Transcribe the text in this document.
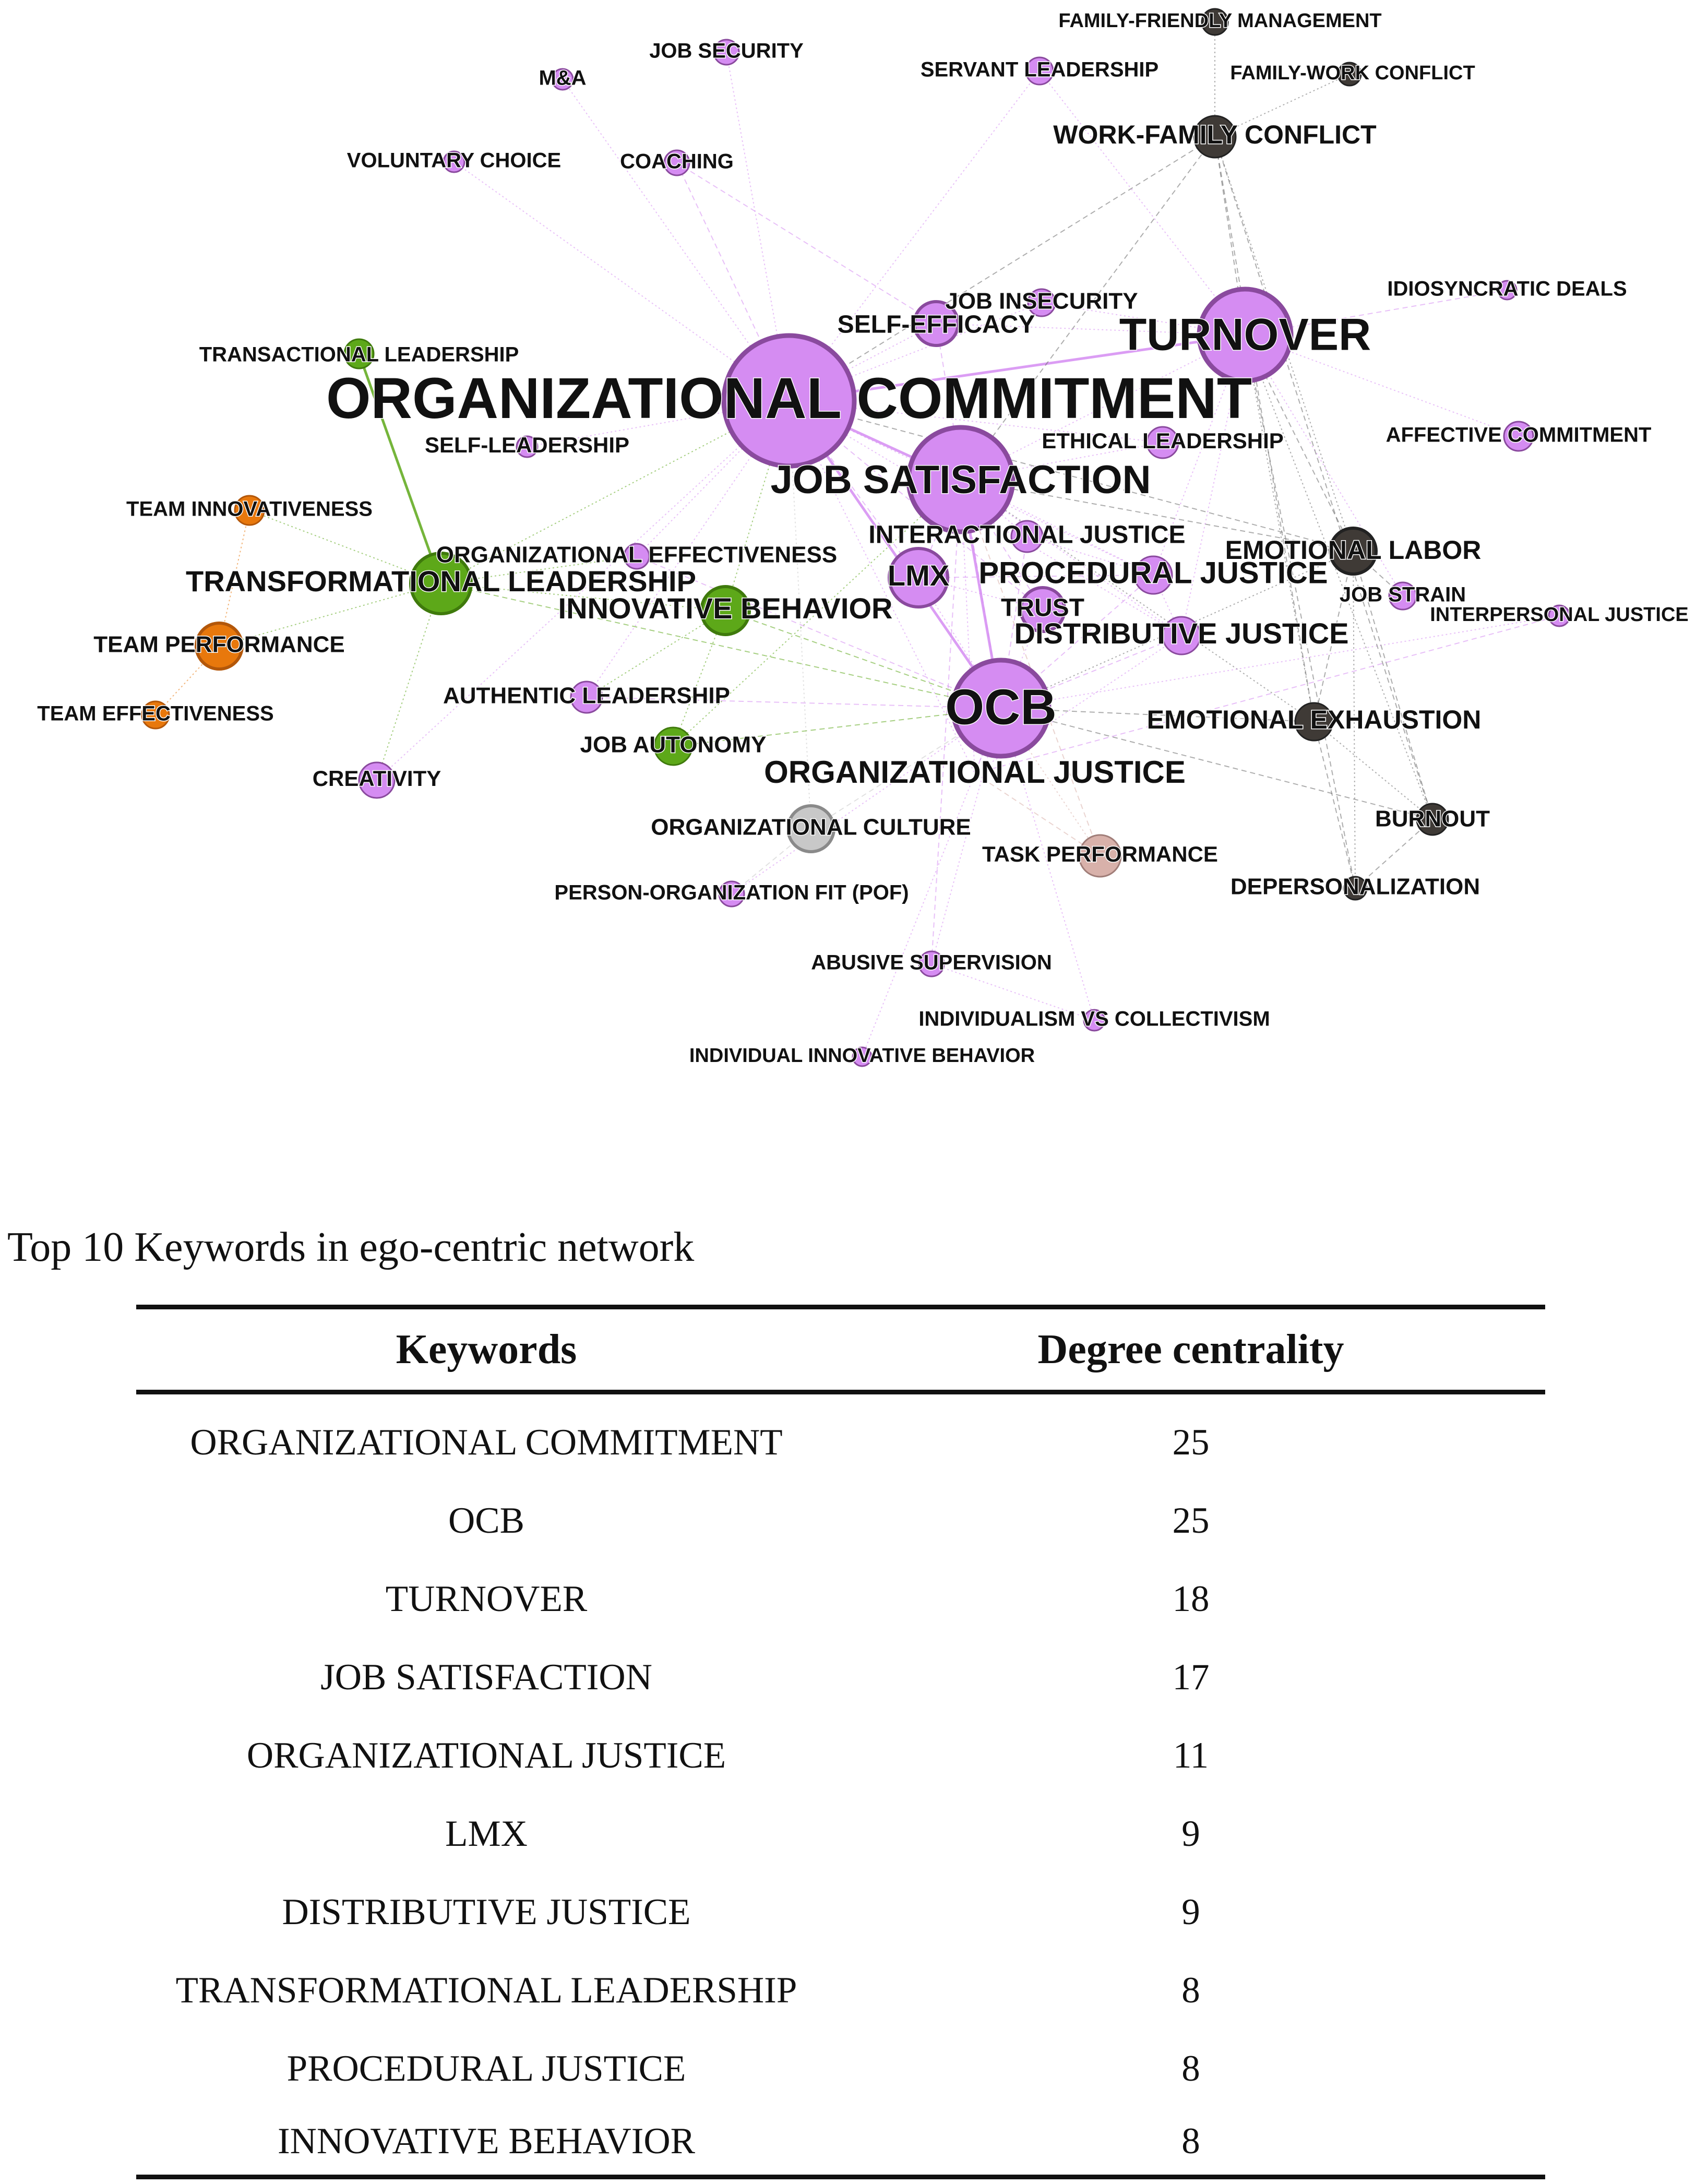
ORGANIZATIONAL COMMITMENT
OCB
TURNOVER
JOB SATISFACTION
ORGANIZATIONAL JUSTICE
LMX
DISTRIBUTIVE JUSTICE
TRANSFORMATIONAL LEADERSHIP	PROCEDURAL JUSTICE
INNOVATIVE BEHAVIOR
FAMILY-FRIENDLY MANAGEMENT
FAMILY-WORK CONFLICT
SERVANT LEADERSHIP
JOB SECURITY
M&A
WORK-FAMILY CONFLICT
VOLUNTARY CHOICE	COACHING
JOB INSECURITY
SELF-EFFICACY
IDIOSYNCRATIC DEALS
TRANSACTIONAL LEADERSHIP
AFFECTIVE COMMITMENT
ETHICAL LEADERSHIP
SELF-LEADERSHIP
TEAM INNOVATIVENESS
INTERACTIONAL JUSTICE
ORGANIZATIONAL EFFECTIVENESS	EMOTIONAL LABOR
JOB STRAIN
INTERPERSONAL JUSTICE
TRUST
TEAM PERFORMANCE
TEAM EFFECTIVENESS
AUTHENTIC LEADERSHIP
EMOTIONAL EXHAUSTION
JOB AUTONOMY
CREATIVITY
ORGANIZATIONAL CULTURE	BURNOUT
TASK PERFORMANCE
PERSON-ORGANIZATION FIT (POF)	DEPERSONALIZATION
ABUSIVE SUPERVISION
INDIVIDUALISM VS COLLECTIVISM
INDIVIDUAL INNOVATIVE BEHAVIOR
Top 10 Keywords in ego-centric network
Keywords	Degree centrality
ORGANIZATIONAL COMMITMENT	25
OCB	25
TURNOVER	18
JOB SATISFACTION	17
ORGANIZATIONAL JUSTICE	11
LMX	9
DISTRIBUTIVE JUSTICE	9
TRANSFORMATIONAL LEADERSHIP	8
PROCEDURAL JUSTICE	8
INNOVATIVE BEHAVIOR	8
